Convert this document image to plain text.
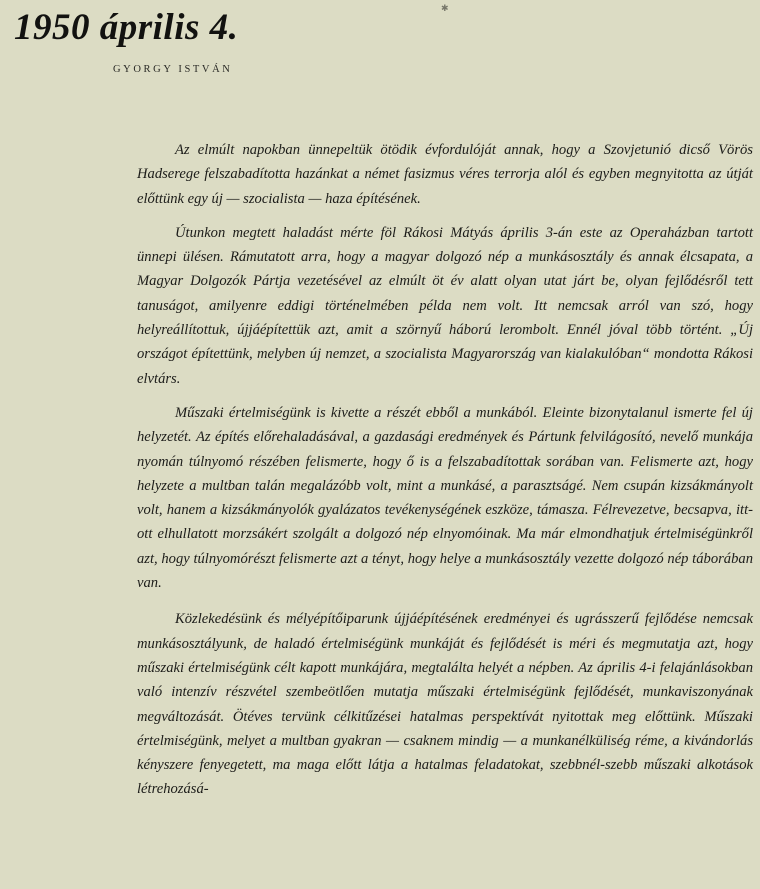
1950 április 4.	✱
GYORGY ISTVÁN

Az elmúlt napokban ünnepeltük ötödik évfordulóját annak, hogy a Szovjetunió dicső Vörös Hadserege felszabadította hazánkat a német fasizmus véres terrorja alól és egyben megnyitotta az útját előttünk egy új — szocialista — haza építésének.

Útunkon megtett haladást mérte föl Rákosi Mátyás április 3-án este az Operaházban tartott ünnepi ülésen. Rámutatott arra, hogy a magyar dolgozó nép a munkásosztály és annak élcsapata, a Magyar Dolgozók Pártja vezetésével az elmúlt öt év alatt olyan utat járt be, olyan fejlődésről tett tanuságot, amilyenre eddigi történelmében példa nem volt. Itt nemcsak arról van szó, hogy helyreállítottuk, újjáépítettük azt, amit a szörnyű háború lerombolt. Ennél jóval több történt. „Új országot építettünk, melyben új nemzet, a szocialista Magyarország van kialakulóban“ mondotta Rákosi elvtárs.

Műszaki értelmiségünk is kivette a részét ebből a munkából. Eleinte bizonytalanul ismerte fel új helyzetét. Az építés előrehaladásával, a gazdasági eredmények és Pártunk felvilágosító, nevelő munkája nyomán túlnyomó részében felismerte, hogy ő is a felszabadítottak sorában van. Felismerte azt, hogy helyzete a multban talán megalázóbb volt, mint a munkásé, a parasztságé. Nem csupán kizsákmányolt volt, hanem a kizsákmányolók gyalázatos tevékenységének eszköze, támasza. Félrevezetve, becsapva, itt-ott elhullatott morzsákért szolgált a dolgozó nép elnyomóinak. Ma már elmondhatjuk értelmiségünkről azt, hogy túlnyomórészt felismerte azt a tényt, hogy helye a munkásosztály vezette dolgozó nép táborában van.

Közlekedésünk és mélyépítőiparunk újjáépítésének eredményei és ugrásszerű fejlődése nemcsak munkásosztályunk, de haladó értelmiségünk munkáját és fejlődését is méri és megmutatja azt, hogy műszaki értelmiségünk célt kapott munkájára, megtalálta helyét a népben. Az április 4-i felajánlásokban való intenzív részvétel szembeötlően mutatja műszaki értelmiségünk fejlődését, munkaviszonyának megváltozását. Ötéves tervünk célkitűzései hatalmas perspektívát nyitottak meg előttünk. Műszaki értelmiségünk, melyet a multban gyakran — csaknem mindig — a munkanélküliség réme, a kivándorlás kényszere fenyegetett, ma maga előtt látja a hatalmas feladatokat, szebbnél-szebb műszaki alkotások létrehozásá-
